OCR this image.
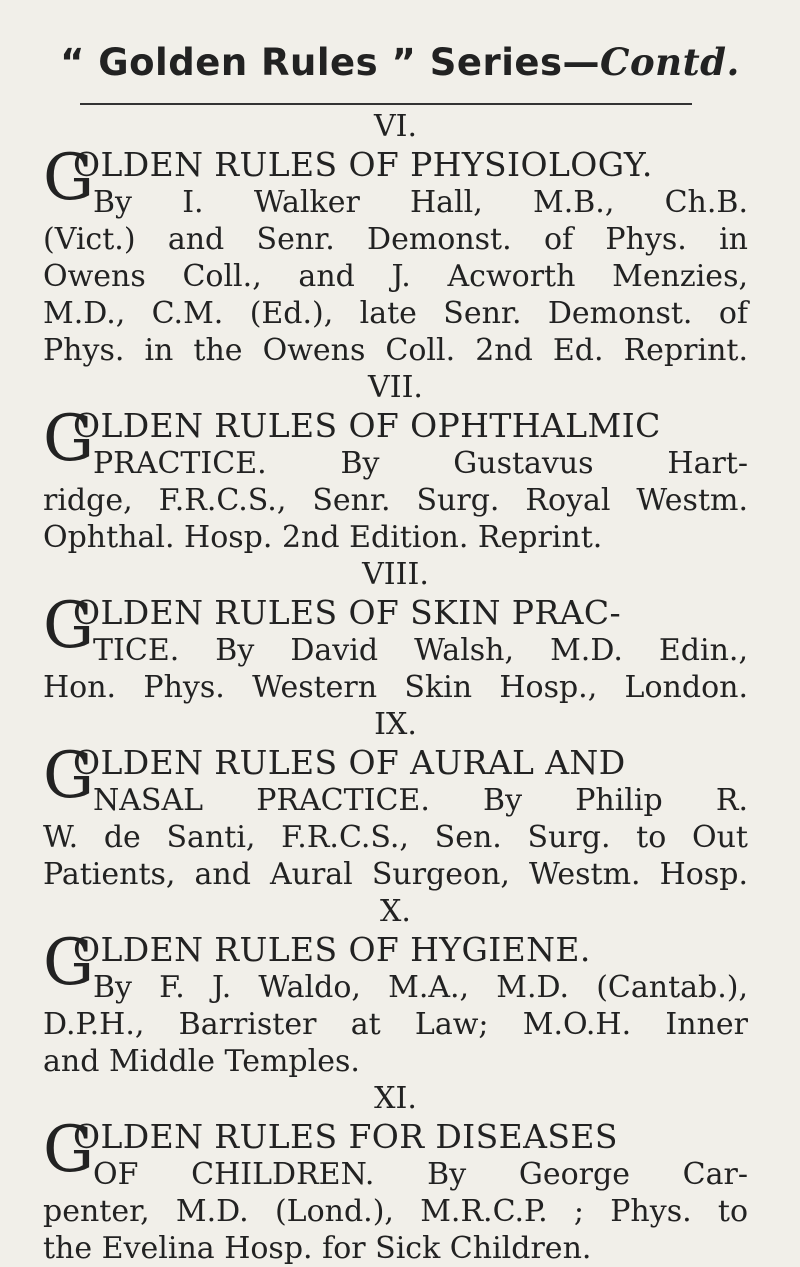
“ Golden Rules ” Series—Contd.
VI.
G
OLDEN RULES OF PHYSIOLOGY.
By I. Walker Hall, M.B., Ch.B.
(Vict.) and Senr. Demonst. of Phys. in
Owens Coll., and J. Acworth Menzies,
M.D., C.M. (Ed.), late Senr. Demonst. of
Phys. in the Owens Coll. 2nd Ed. Reprint.
VII.
G
OLDEN RULES OF OPHTHALMIC
PRACTICE. By Gustavus Hart-
ridge, F.R.C.S., Senr. Surg. Royal Westm.
Ophthal. Hosp. 2nd Edition. Reprint.
VIII.
G
OLDEN RULES OF SKIN PRAC-
TICE. By David Walsh, M.D. Edin.,
Hon. Phys. Western Skin Hosp., London.
IX.
G
OLDEN RULES OF AURAL AND
NASAL PRACTICE. By Philip R.
W. de Santi, F.R.C.S., Sen. Surg. to Out
Patients, and Aural Surgeon, Westm. Hosp.
X.
G
OLDEN RULES OF HYGIENE.
By F. J. Waldo, M.A., M.D. (Cantab.),
D.P.H., Barrister at Law; M.O.H. Inner
and Middle Temples.
XI.
G
OLDEN RULES FOR DISEASES
OF CHILDREN. By George Car-
penter, M.D. (Lond.), M.R.C.P. ; Phys. to
the Evelina Hosp. for Sick Children.
